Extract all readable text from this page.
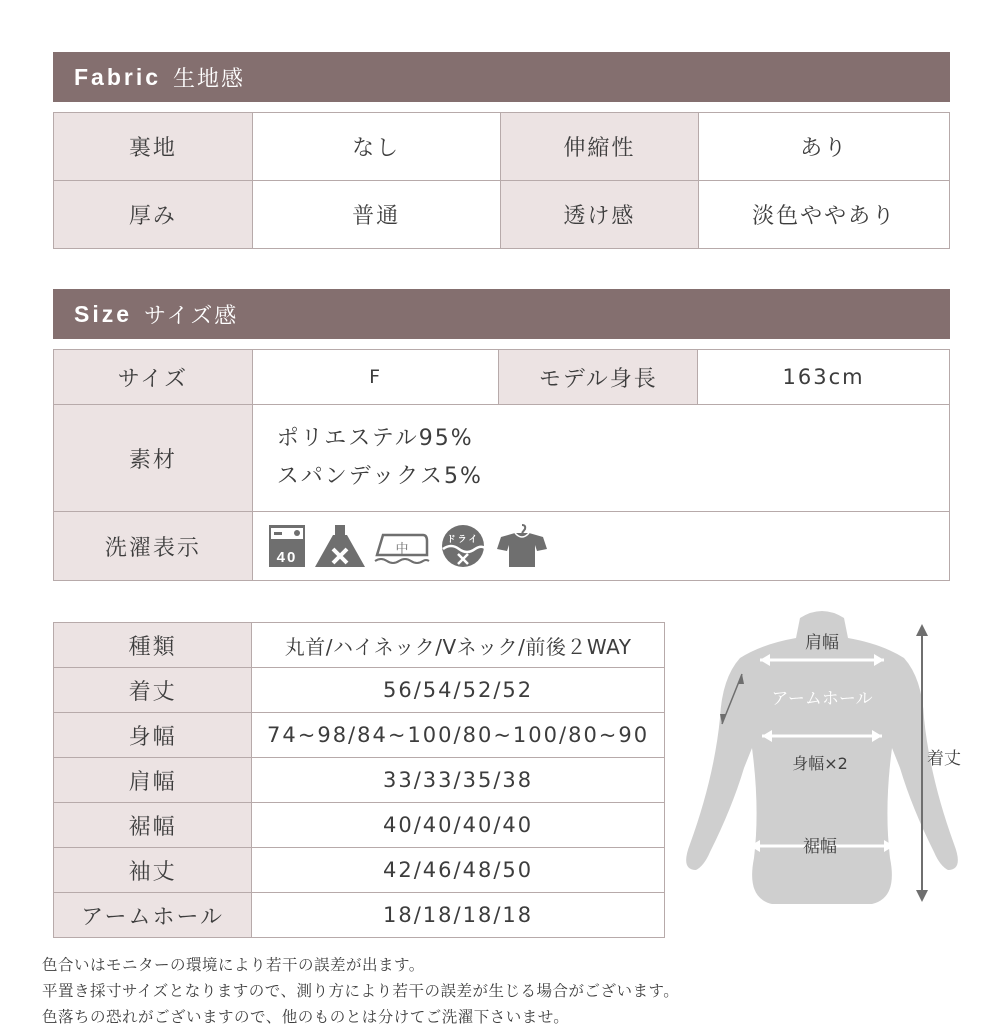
Fabric 生地感
裏地	なし	伸縮性	あり
厚み	普通	透け感	淡色ややあり
Size サイズ感
サイズ	F	モデル身長	163cm
素材	ポリエステル95%
スパンデックス5%		

洗濯表示	40 中
ドライ		
種類	丸首/ハイネック/Vネック/前後２WAY
着丈	56/54/52/52
身幅	74~98/84~100/80~100/80~90
肩幅	33/33/35/38
裾幅	40/40/40/40
袖丈	42/46/48/50
アームホール	18/18/18/18
肩幅
アームホール
身幅×2	着丈
裾幅
色合いはモニターの環境により若干の誤差が出ます。
平置き採寸サイズとなりますので、測り方により若干の誤差が生じる場合がございます。
色落ちの恐れがございますので、他のものとは分けてご洗濯下さいませ。
